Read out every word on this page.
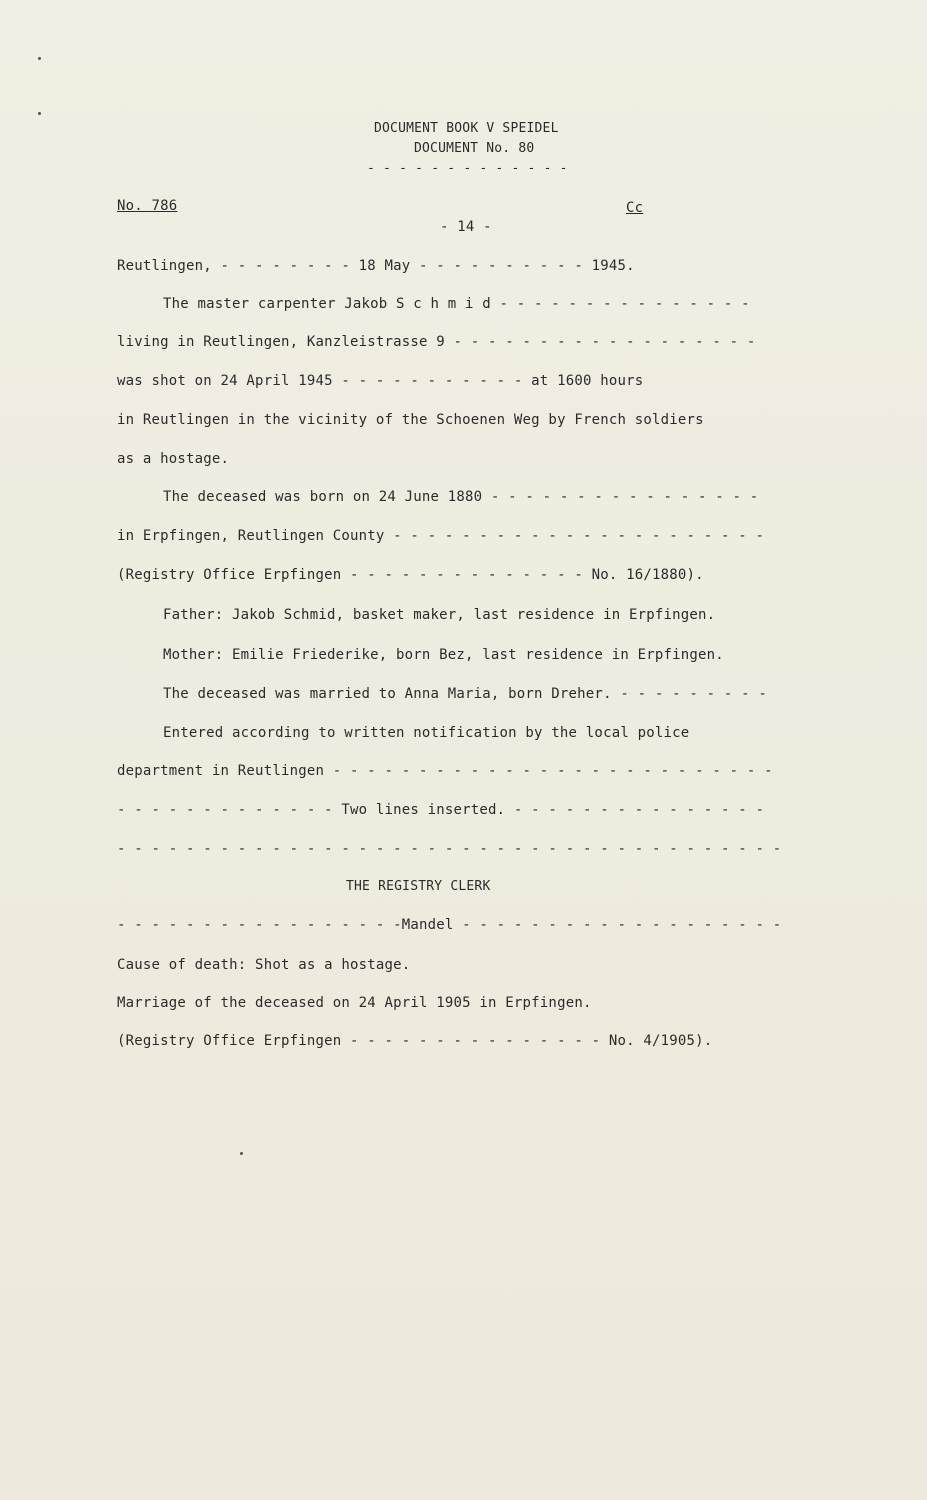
DOCUMENT BOOK V SPEIDEL
DOCUMENT No. 80
- - - - - - - - - - - - -
No. 786	Cc
- 14 -
Reutlingen, - - - - - - - - 18 May - - - - - - - - - - 1945.
The master carpenter Jakob S c h m i d - - - - - - - - - - - - - - -
living in Reutlingen, Kanzleistrasse 9 - - - - - - - - - - - - - - - - - -
was shot on 24 April 1945 - - - - - - - - - - - at 1600 hours
in Reutlingen in the vicinity of the Schoenen Weg by French soldiers
as a hostage.
The deceased was born on 24 June 1880 - - - - - - - - - - - - - - - -
in Erpfingen, Reutlingen County - - - - - - - - - - - - - - - - - - - - - -
(Registry Office Erpfingen - - - - - - - - - - - - - - No. 16/1880).
Father: Jakob Schmid, basket maker, last residence in Erpfingen.
Mother: Emilie Friederike, born Bez, last residence in Erpfingen.
The deceased was married to Anna Maria, born Dreher. - - - - - - - - -
Entered according to written notification by the local police
department in Reutlingen - - - - - - - - - - - - - - - - - - - - - - - - - -
- - - - - - - - - - - - - Two lines inserted. - - - - - - - - - - - - - - -
- - - - - - - - - - - - - - - - - - - - - - - - - - - - - - - - - - - - - - -
THE REGISTRY CLERK
- - - - - - - - - - - - - - - - -Mandel - - - - - - - - - - - - - - - - - - -
Cause of death: Shot as a hostage.
Marriage of the deceased on 24 April 1905 in Erpfingen.
(Registry Office Erpfingen - - - - - - - - - - - - - - - No. 4/1905).
